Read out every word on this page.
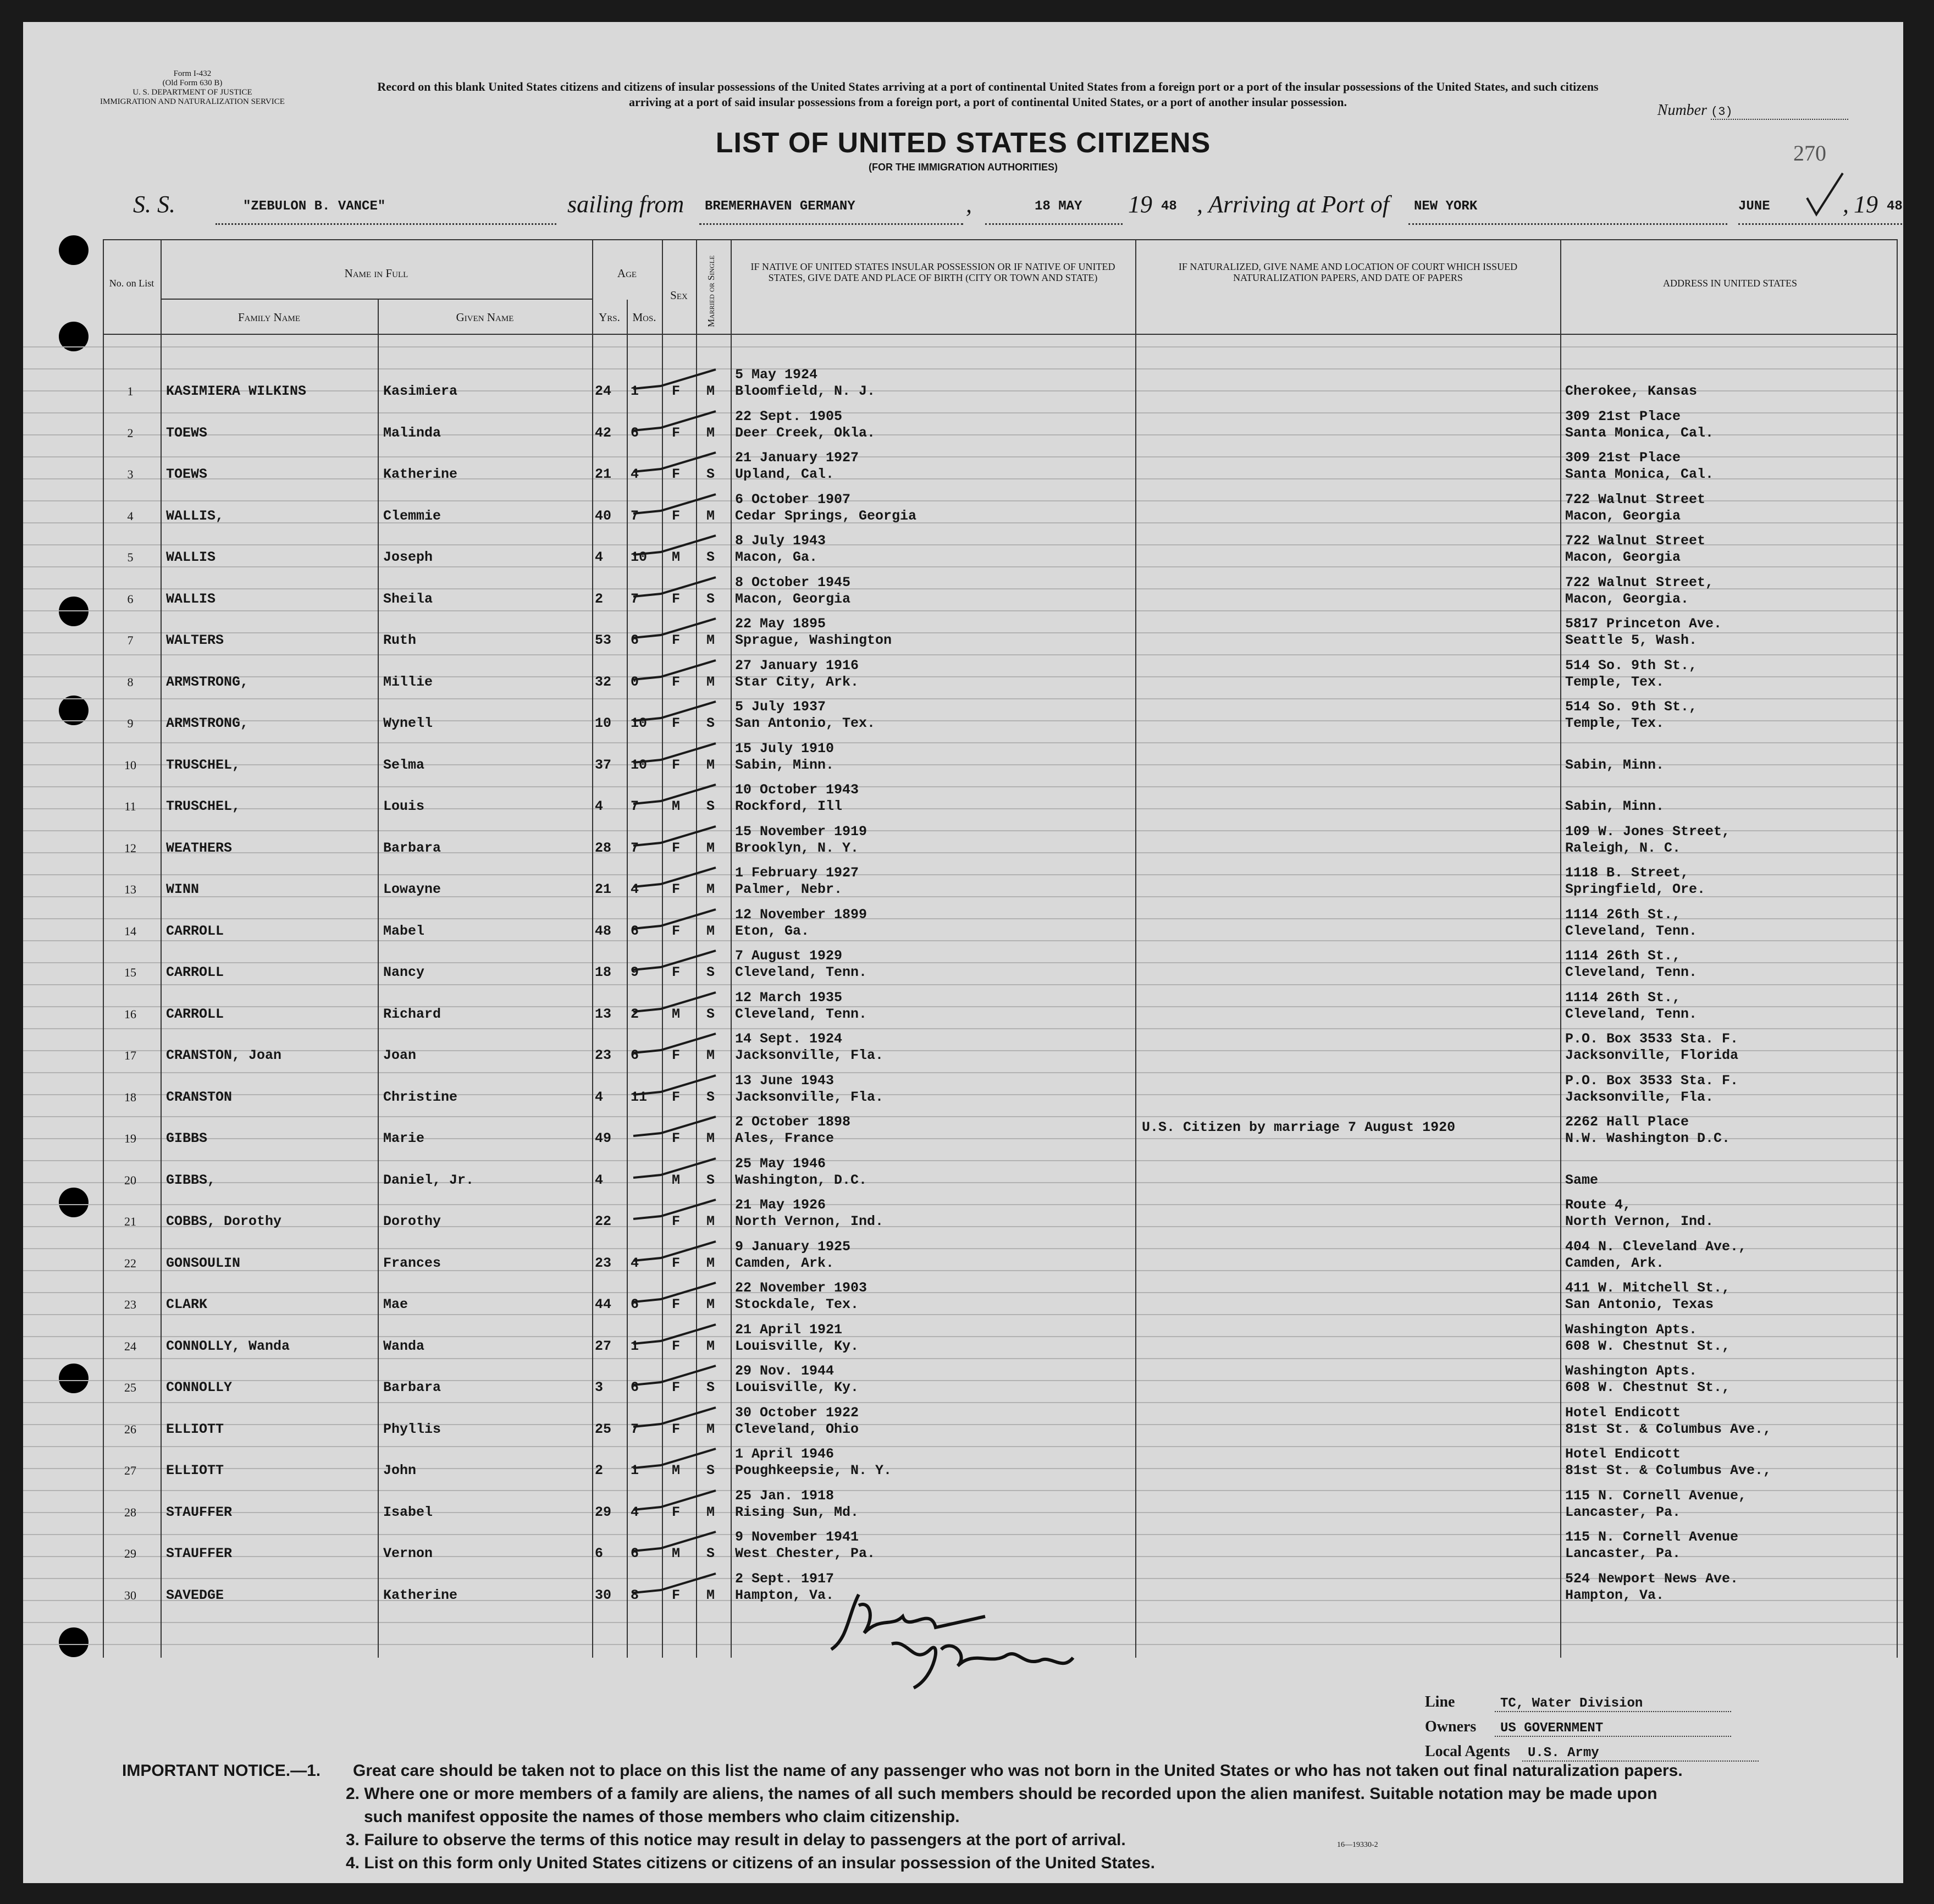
Form I-432
(Old Form 630 B)
U. S. DEPARTMENT OF JUSTICE
IMMIGRATION AND NATURALIZATION SERVICE
Record on this blank United States citizens and citizens of insular possessions of the United States arriving at a port of continental United States from a foreign port or a port of the insular possessions of the United States, and such citizens arriving at a port of said insular possessions from a foreign port, a port of continental United States, or a port of another insular possession.	Number (3)
270
LIST OF UNITED STATES CITIZENS
(FOR THE IMMIGRATION AUTHORITIES)
S. S.	"ZEBULON B. VANCE"	sailing from BREMERHAVEN GERMANY	,	18 MAY 19 48 , Arriving at Port of NEW YORK	JUNE	, 19 48
No. on List
Name in Full
Family Name	Given Name
Age
Yrs.	Mos.
Sex	Married or Single	IF NATIVE OF UNITED STATES INSULAR POSSESSION OR IF NATIVE OF UNITED STATES, GIVE DATE AND PLACE OF BIRTH (CITY OR TOWN AND STATE)
IF NATURALIZED, GIVE NAME AND LOCATION OF COURT WHICH ISSUED NATURALIZATION PAPERS, AND DATE OF PAPERS	ADDRESS IN UNITED STATES
1	KASIMIERA WILKINS	Kasimiera	24 1 F M
5 May 1924
Bloomfield, N. J.	Cherokee, Kansas
2	TOEWS	Malinda	42 6 F M
22 Sept. 1905
Deer Creek, Okla.
309 21st Place
Santa Monica, Cal.
3	TOEWS	Katherine	21 4 F S
21 January 1927
Upland, Cal.
309 21st Place
Santa Monica, Cal.
4	WALLIS,	Clemmie	40 7 F M
6 October 1907
Cedar Springs, Georgia
722 Walnut Street
Macon, Georgia
5	WALLIS	Joseph	4 10 M S
8 July 1943
Macon, Ga.
722 Walnut Street
Macon, Georgia
6	WALLIS	Sheila	2 7 F S
8 October 1945
Macon, Georgia
722 Walnut Street,
Macon, Georgia.
7	WALTERS	Ruth	53 6 F M
22 May 1895
Sprague, Washington
5817 Princeton Ave.
Seattle 5, Wash.
8	ARMSTRONG,	Millie	32 0 F M
27 January 1916
Star City, Ark.
514 So. 9th St.,
Temple, Tex.
9	ARMSTRONG,	Wynell	10 10 F S
5 July 1937
San Antonio, Tex.
514 So. 9th St.,
Temple, Tex.
10	TRUSCHEL,	Selma	37 10 F M
15 July 1910
Sabin, Minn.	Sabin, Minn.
11	TRUSCHEL,	Louis	4 7 M S
10 October 1943
Rockford, Ill	Sabin, Minn.
12	WEATHERS	Barbara	28 7 F M
15 November 1919
Brooklyn, N. Y.
109 W. Jones Street,
Raleigh, N. C.
13	WINN	Lowayne	21 4 F M
1 February 1927
Palmer, Nebr.
1118 B. Street,
Springfield, Ore.
14	CARROLL	Mabel	48 6 F M
12 November 1899
Eton, Ga.
1114 26th St.,
Cleveland, Tenn.
15	CARROLL	Nancy	18 9 F S
7 August 1929
Cleveland, Tenn.
1114 26th St.,
Cleveland, Tenn.
16	CARROLL	Richard	13 2 M S
12 March 1935
Cleveland, Tenn.
1114 26th St.,
Cleveland, Tenn.
17	CRANSTON, Joan	Joan	23 6 F M
14 Sept. 1924
Jacksonville, Fla.
P.O. Box 3533 Sta. F.
Jacksonville, Florida
18	CRANSTON	Christine	4 11 F S
13 June 1943
Jacksonville, Fla.
P.O. Box 3533 Sta. F.
Jacksonville, Fla.
19	GIBBS	Marie	49	F M
2 October 1898
Ales, France
U.S. Citizen by marriage 7 August 1920	2262 Hall Place
N.W. Washington D.C.
20	GIBBS,	Daniel, Jr.	4	M S
25 May 1946
Washington, D.C.	Same
21	COBBS, Dorothy	Dorothy	22	F M
21 May 1926
North Vernon, Ind.
Route 4,
North Vernon, Ind.
22	GONSOULIN	Frances	23 4 F M
9 January 1925
Camden, Ark.
404 N. Cleveland Ave.,
Camden, Ark.
23	CLARK	Mae	44 6 F M
22 November 1903
Stockdale, Tex.
411 W. Mitchell St.,
San Antonio, Texas
24	CONNOLLY, Wanda	Wanda	27 1 F M
21 April 1921
Louisville, Ky.
Washington Apts.
608 W. Chestnut St.,
25	CONNOLLY	Barbara	3 6 F S
29 Nov. 1944
Louisville, Ky.
Washington Apts.
608 W. Chestnut St.,
26	ELLIOTT	Phyllis	25 7 F M
30 October 1922
Cleveland, Ohio
Hotel Endicott
81st St. & Columbus Ave.,
27	ELLIOTT	John	2 1 M S
1 April 1946
Poughkeepsie, N. Y.
Hotel Endicott
81st St. & Columbus Ave.,
28	STAUFFER	Isabel	29 4 F M
25 Jan. 1918
Rising Sun, Md.
115 N. Cornell Avenue,
Lancaster, Pa.
29	STAUFFER	Vernon	6 6 M S
9 November 1941
West Chester, Pa.
115 N. Cornell Avenue
Lancaster, Pa.
30	SAVEDGE	Katherine	30 8 F M
2 Sept. 1917
Hampton, Va.
524 Newport News Ave.
Hampton, Va.
Line	TC, Water Division
Owners US GOVERNMENT
Local Agents U.S. Army
IMPORTANT NOTICE.—1. Great care should be taken not to place on this list the name of any passenger who was not born in the United States or who has not taken out final naturalization papers.
2. Where one or more members of a family are aliens, the names of all such members should be recorded upon the alien manifest. Suitable notation may be made upon
such manifest opposite the names of those members who claim citizenship.
3. Failure to observe the terms of this notice may result in delay to passengers at the port of arrival.
4. List on this form only United States citizens or citizens of an insular possession of the United States.
16—19330-2
